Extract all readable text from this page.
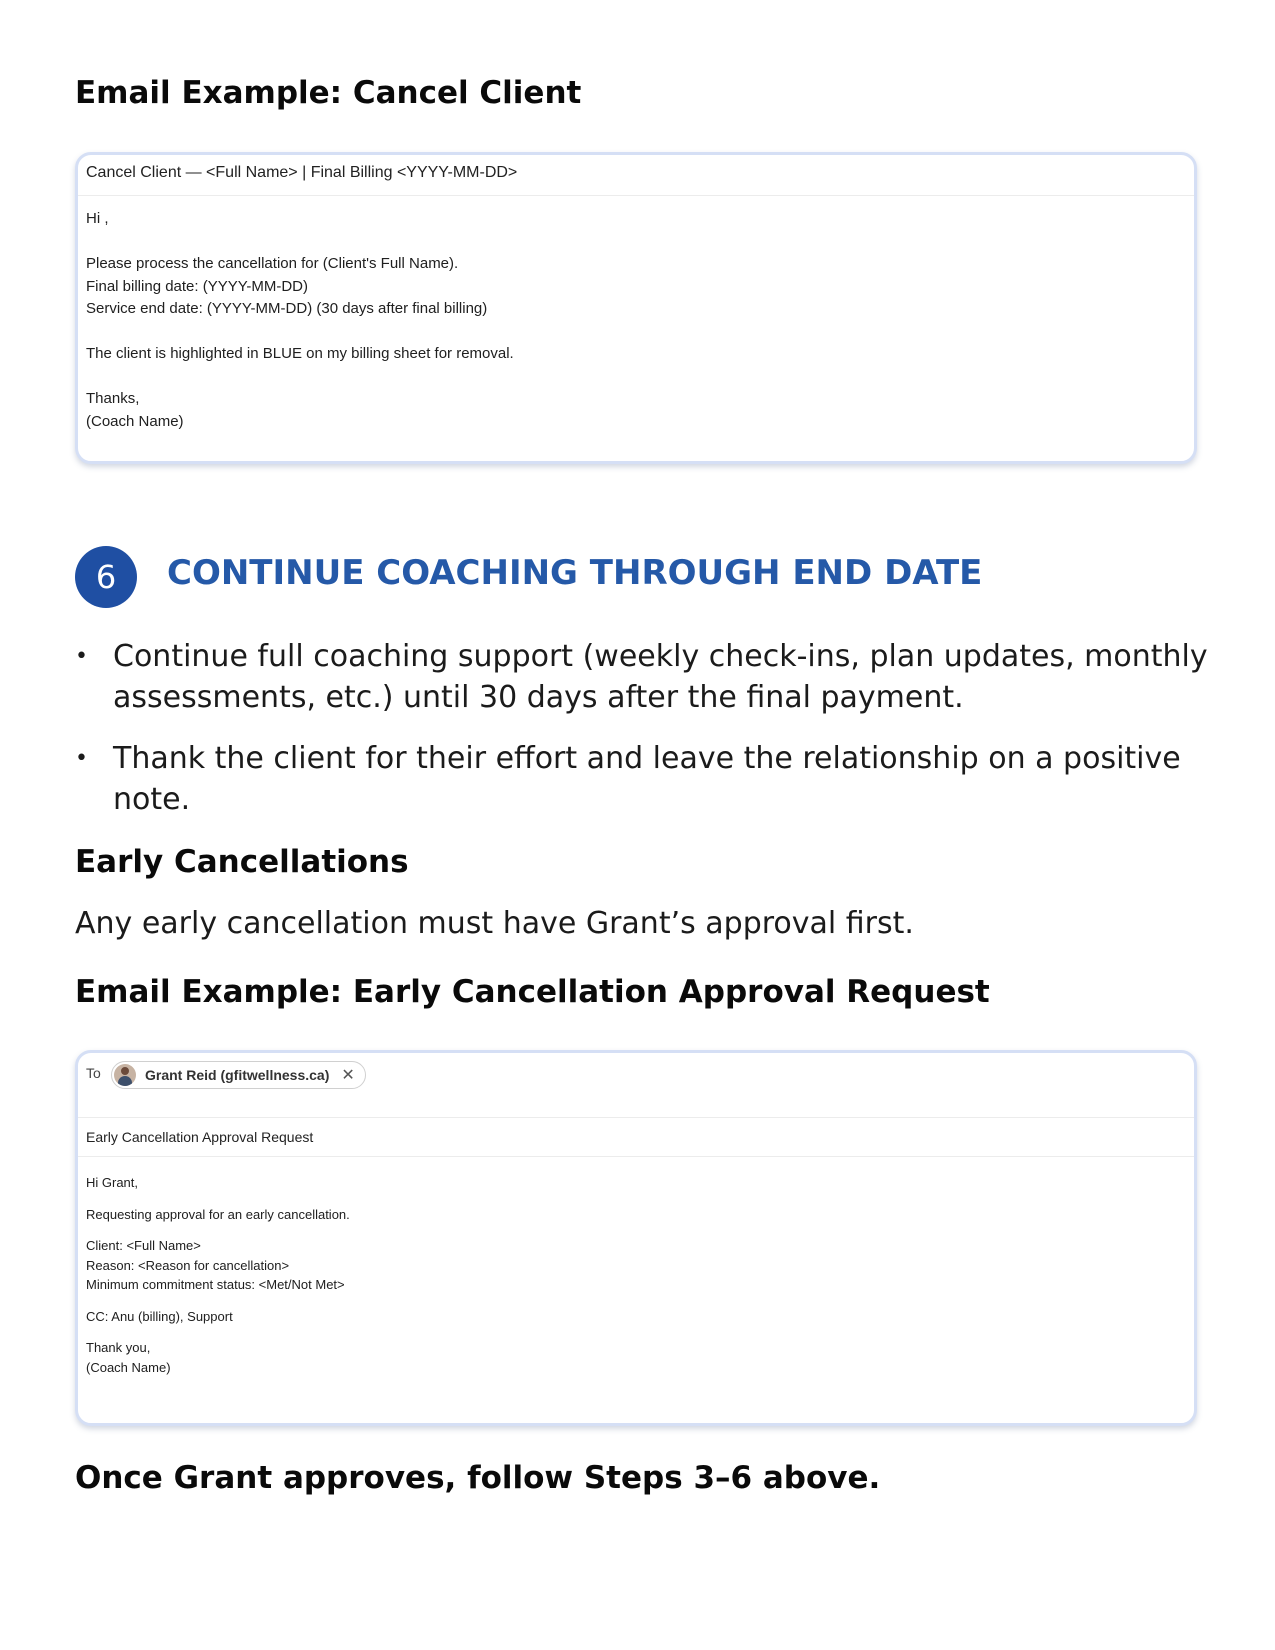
Email Example: Cancel Client
Cancel Client — <Full Name> | Final Billing <YYYY-MM-DD>
Hi ,
Please process the cancellation for (Client's Full Name).
Final billing date: (YYYY-MM-DD)
Service end date: (YYYY-MM-DD) (30 days after final billing)
The client is highlighted in BLUE on my billing sheet for removal.
Thanks,
(Coach Name)
6	CONTINUE COACHING THROUGH END DATE
• Continue full coaching support (weekly check-ins, plan updates, monthly assessments, etc.) until 30 days after the final payment.
• Thank the client for their effort and leave the relationship on a positive note.
Early Cancellations
Any early cancellation must have Grant’s approval first.
Email Example: Early Cancellation Approval Request
To	Grant Reid (gfitwellness.ca) ✕
Early Cancellation Approval Request
Hi Grant,
Requesting approval for an early cancellation.
Client: <Full Name>
Reason: <Reason for cancellation>
Minimum commitment status: <Met/Not Met>
CC: Anu (billing), Support
Thank you,
(Coach Name)
Once Grant approves, follow Steps 3–6 above.
